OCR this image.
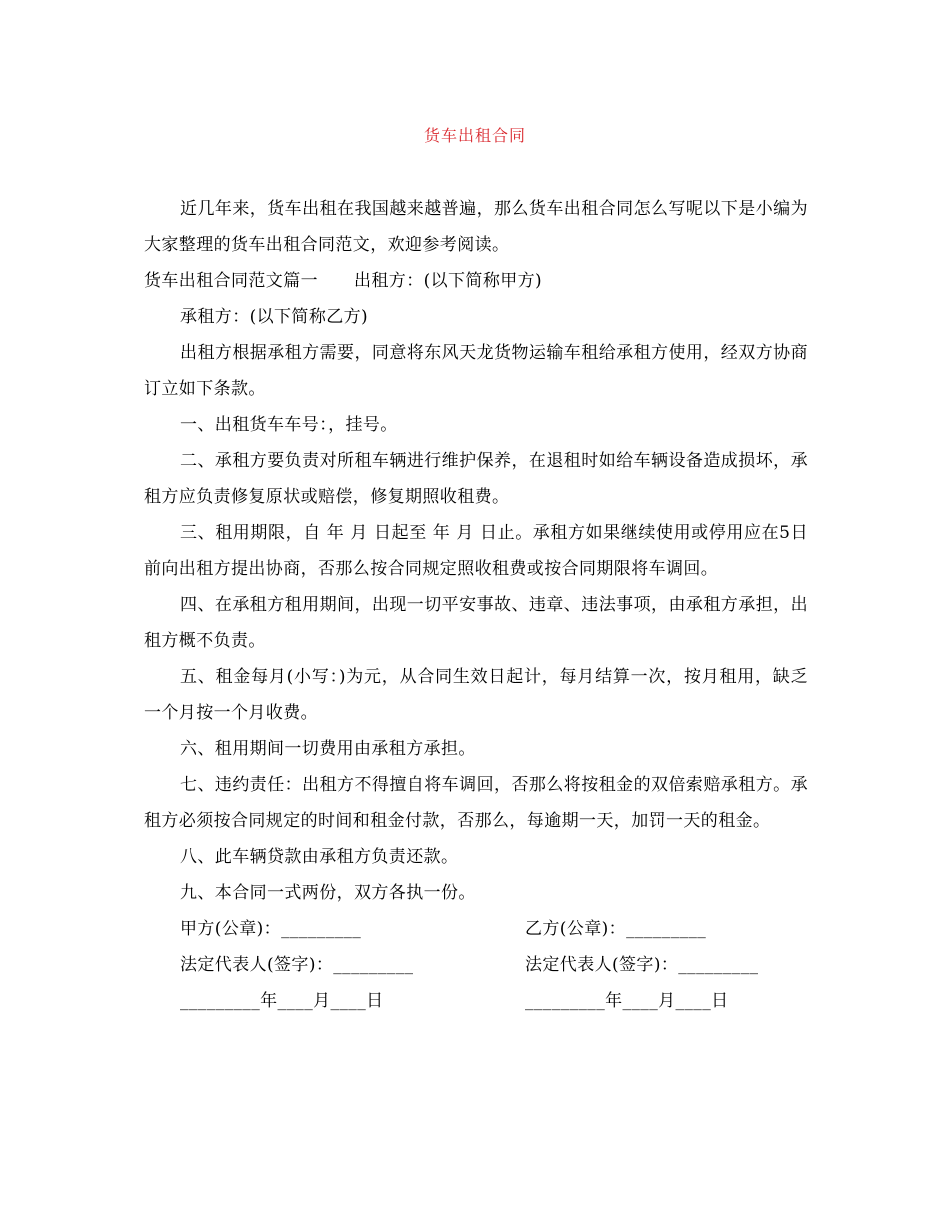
货车出租合同

近几年来，货车出租在我国越来越普遍，那么货车出租合同怎么写呢以下是小编为大家整理的货车出租合同范文，欢迎参考阅读。

货车出租合同范文篇一 出租方：(以下简称甲方)

承租方：(以下简称乙方)

出租方根据承租方需要，同意将东风天龙货物运输车租给承租方使用，经双方协商订立如下条款。

一、出租货车车号：，挂号。

二、承租方要负责对所租车辆进行维护保养，在退租时如给车辆设备造成损坏，承租方应负责修复原状或赔偿，修复期照收租费。

三、租用期限，自 年 月 日起至 年 月 日止。承租方如果继续使用或停用应在5日前向出租方提出协商，否那么按合同规定照收租费或按合同期限将车调回。

四、在承租方租用期间，出现一切平安事故、违章、违法事项，由承租方承担，出租方概不负责。

五、租金每月(小写：)为元，从合同生效日起计，每月结算一次，按月租用，缺乏一个月按一个月收费。

六、租用期间一切费用由承租方承担。

七、违约责任：出租方不得擅自将车调回，否那么将按租金的双倍索赔承租方。承租方必须按合同规定的时间和租金付款，否那么，每逾期一天，加罚一天的租金。

八、此车辆贷款由承租方负责还款。

九、本合同一式两份，双方各执一份。

甲方(公章)：_________	乙方(公章)：_________
法定代表人(签字)：_________	法定代表人(签字)：_________
_________年____月____日	_________年____月____日
